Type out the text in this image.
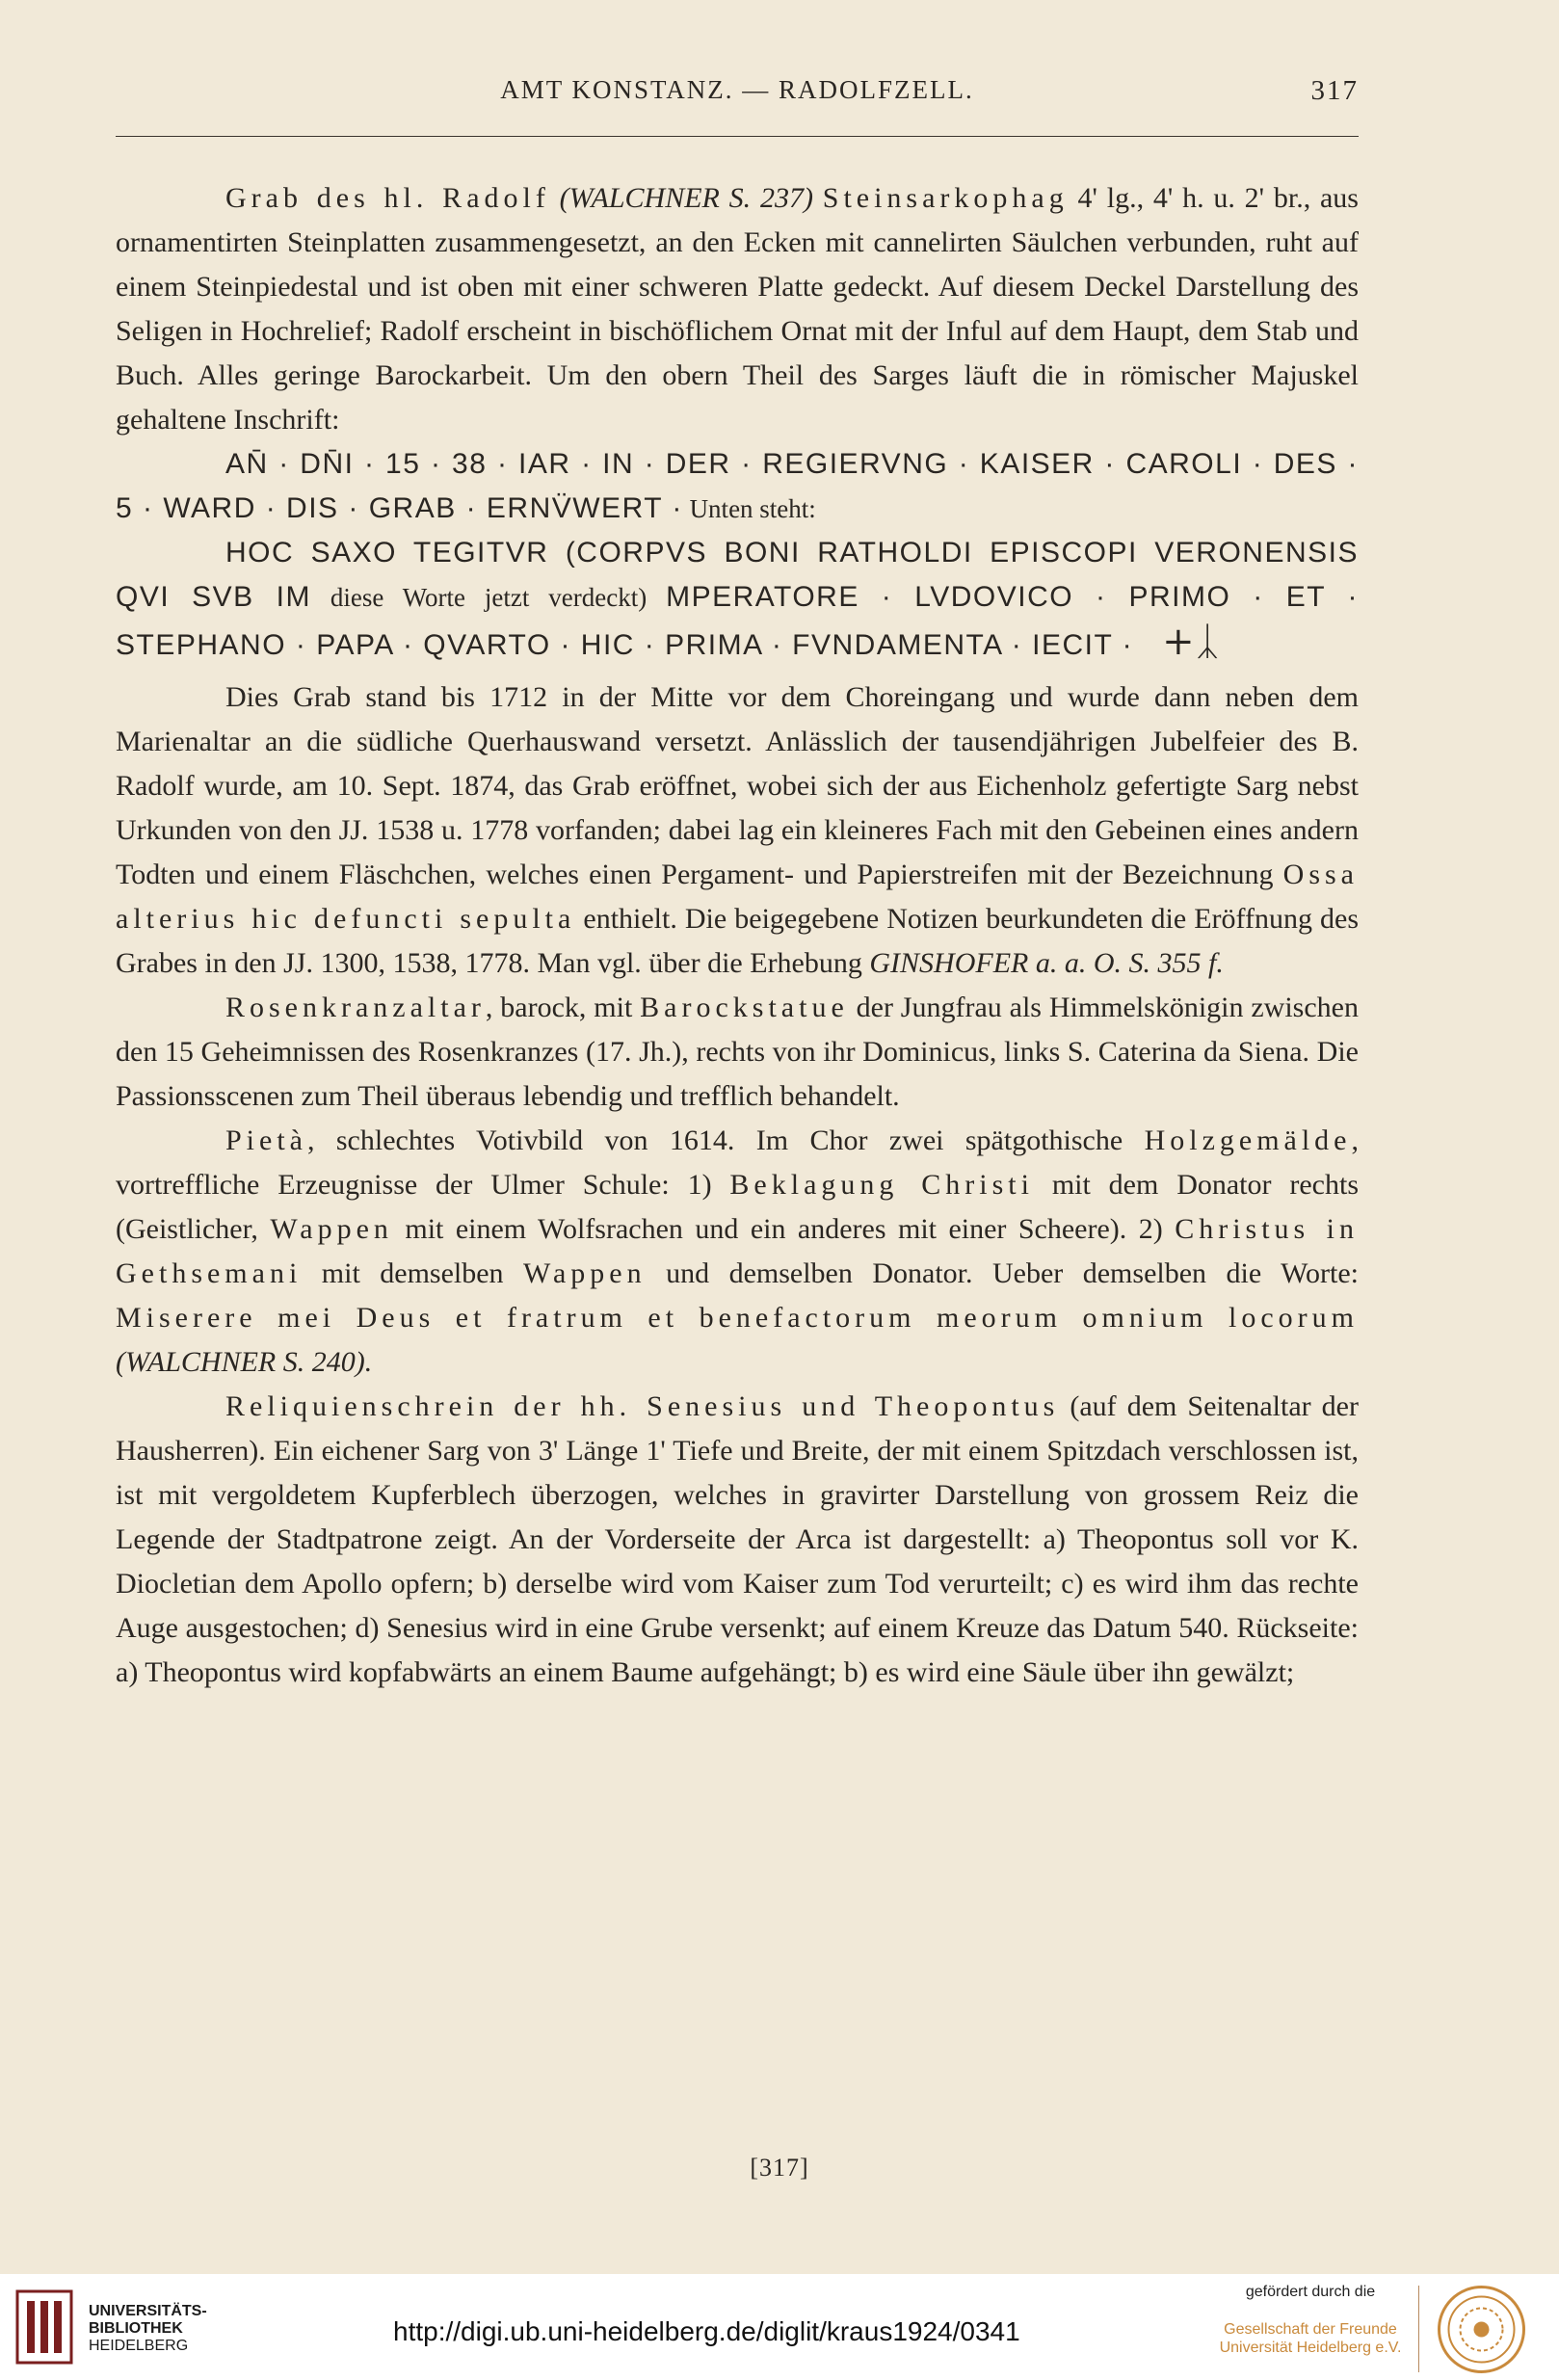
AMT KONSTANZ. — RADOLFZELL.	317

Grab des hl. Radolf (WALCHNER S. 237) Steinsarkophag 4' lg., 4' h. u. 2' br., aus ornamentirten Steinplatten zusammengesetzt, an den Ecken mit cannelirten Säulchen verbunden, ruht auf einem Steinpiedestal und ist oben mit einer schweren Platte gedeckt. Auf diesem Deckel Darstellung des Seligen in Hochrelief; Radolf erscheint in bischöflichem Ornat mit der Inful auf dem Haupt, dem Stab und Buch. Alles geringe Barockarbeit. Um den obern Theil des Sarges läuft die in römischer Majuskel gehaltene Inschrift:

AN̄ · DN̄I · 15 · 38 · IAR · IN · DER · REGIERVNG · KAISER · CAROLI · DES · 5 · WARD · DIS · GRAB · ERNV̈WERT · Unten steht:

HOC SAXO TEGITVR (CORPVS BONI RATHOLDI EPISCOPI VERONENSIS QVI SVB IM diese Worte jetzt verdeckt) MPERATORE · LVDOVICO · PRIMO · ET · STEPHANO · PAPA · QVARTO · HIC · PRIMA · FVNDAMENTA · IECIT · +ᛣ

Dies Grab stand bis 1712 in der Mitte vor dem Choreingang und wurde dann neben dem Marienaltar an die südliche Querhauswand versetzt. Anlässlich der tausendjährigen Jubelfeier des B. Radolf wurde, am 10. Sept. 1874, das Grab eröffnet, wobei sich der aus Eichenholz gefertigte Sarg nebst Urkunden von den JJ. 1538 u. 1778 vorfanden; dabei lag ein kleineres Fach mit den Gebeinen eines andern Todten und einem Fläschchen, welches einen Pergament- und Papierstreifen mit der Bezeichnung Ossa alterius hic defuncti sepulta enthielt. Die beigegebene Notizen beurkundeten die Eröffnung des Grabes in den JJ. 1300, 1538, 1778. Man vgl. über die Erhebung GINSHOFER a. a. O. S. 355 f.

Rosenkranzaltar, barock, mit Barockstatue der Jungfrau als Himmelskönigin zwischen den 15 Geheimnissen des Rosenkranzes (17. Jh.), rechts von ihr Dominicus, links S. Caterina da Siena. Die Passionsscenen zum Theil überaus lebendig und trefflich behandelt.

Pietà, schlechtes Votivbild von 1614. Im Chor zwei spätgothische Holzgemälde, vortreffliche Erzeugnisse der Ulmer Schule: 1) Beklagung Christi mit dem Donator rechts (Geistlicher, Wappen mit einem Wolfsrachen und ein anderes mit einer Scheere). 2) Christus in Gethsemani mit demselben Wappen und demselben Donator. Ueber demselben die Worte: Miserere mei Deus et fratrum et benefactorum meorum omnium locorum (WALCHNER S. 240).

Reliquienschrein der hh. Senesius und Theopontus (auf dem Seitenaltar der Hausherren). Ein eichener Sarg von 3' Länge 1' Tiefe und Breite, der mit einem Spitzdach verschlossen ist, ist mit vergoldetem Kupferblech überzogen, welches in gravirter Darstellung von grossem Reiz die Legende der Stadtpatrone zeigt. An der Vorderseite der Arca ist dargestellt: a) Theopontus soll vor K. Diocletian dem Apollo opfern; b) derselbe wird vom Kaiser zum Tod verurteilt; c) es wird ihm das rechte Auge ausgestochen; d) Senesius wird in eine Grube versenkt; auf einem Kreuze das Datum 540. Rückseite: a) Theopontus wird kopfabwärts an einem Baume aufgehängt; b) es wird eine Säule über ihn gewälzt;

[317]
UNIVERSITÄTS-
BIBLIOTHEK
HEIDELBERG	http://digi.ub.uni-heidelberg.de/diglit/kraus1924/0341
gefördert durch die
Gesellschaft der Freunde
Universität Heidelberg e.V.
